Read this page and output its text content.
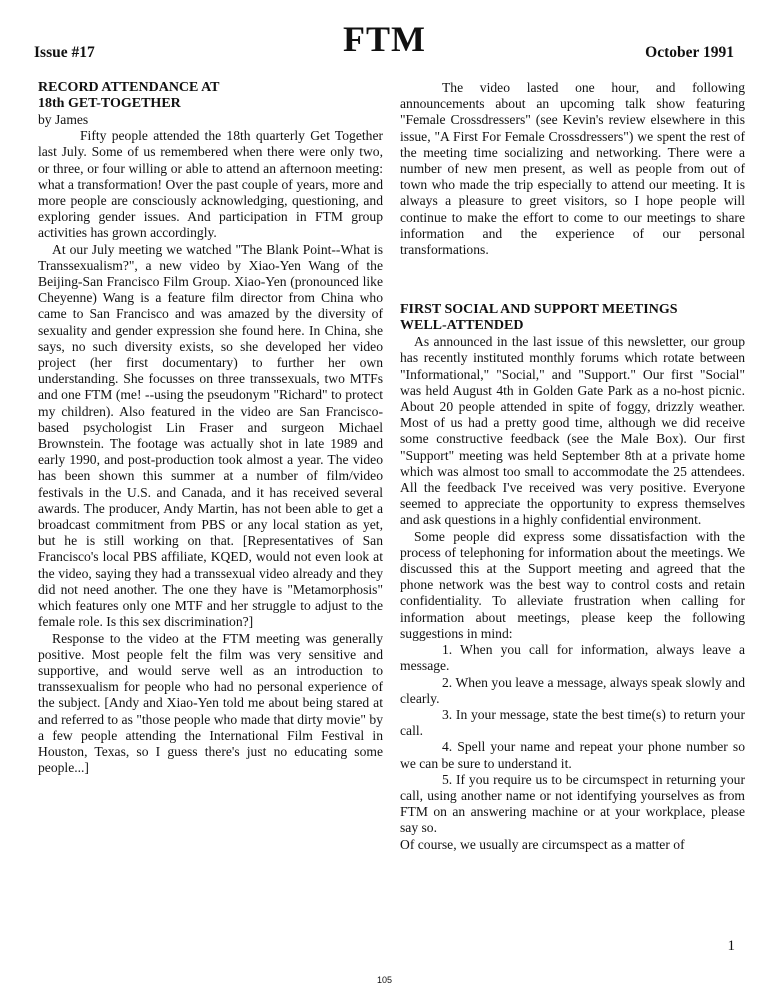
Issue #17	FTM	October 1991

RECORD ATTENDANCE AT

18th GET-TOGETHER

by James

Fifty people attended the 18th quarterly Get Together last July. Some of us remembered when there were only two, or three, or four willing or able to attend an afternoon meeting: what a transformation! Over the past couple of years, more and more people are consciously acknowledging, questioning, and exploring gender issues. And participation in FTM group activities has grown accordingly.

At our July meeting we watched "The Blank Point--What is Transsexualism?", a new video by Xiao-Yen Wang of the Beijing-San Francisco Film Group. Xiao-Yen (pronounced like Cheyenne) Wang is a feature film director from China who came to San Francisco and was amazed by the diversity of sexuality and gender expression she found here. In China, she says, no such diversity exists, so she developed her video project (her first documentary) to further her own understanding. She focusses on three transsexuals, two MTFs and one FTM (me! --using the pseudonym "Richard" to protect my children). Also featured in the video are San Francisco-based psychologist Lin Fraser and surgeon Michael Brownstein. The footage was actually shot in late 1989 and early 1990, and post-production took almost a year. The video has been shown this summer at a number of film/video festivals in the U.S. and Canada, and it has received several awards. The producer, Andy Martin, has not been able to get a broadcast commitment from PBS or any local station as yet, but he is still working on that. [Representatives of San Francisco's local PBS affiliate, KQED, would not even look at the video, saying they had a transsexual video already and they did not need another. The one they have is "Metamorphosis" which features only one MTF and her struggle to adjust to the female role. Is this sex discrimination?]

Response to the video at the FTM meeting was generally positive. Most people felt the film was very sensitive and supportive, and would serve well as an introduction to transsexualism for people who had no personal experience of the subject. [Andy and Xiao-Yen told me about being stared at and referred to as "those people who made that dirty movie" by a few people attending the International Film Festival in Houston, Texas, so I guess there's just no educating some people...]

The video lasted one hour, and following announcements about an upcoming talk show featuring "Female Crossdressers" (see Kevin's review elsewhere in this issue, "A First For Female Crossdressers") we spent the rest of the meeting time socializing and networking. There were a number of new men present, as well as people from out of town who made the trip especially to attend our meeting. It is always a pleasure to greet visitors, so I hope people will continue to make the effort to come to our meetings to share information and the experience of our personal transformations.

FIRST SOCIAL AND SUPPORT MEETINGS

WELL-ATTENDED

As announced in the last issue of this newsletter, our group has recently instituted monthly forums which rotate between "Informational," "Social," and "Support." Our first "Social" was held August 4th in Golden Gate Park as a no-host picnic. About 20 people attended in spite of foggy, drizzly weather. Most of us had a pretty good time, although we did receive some constructive feedback (see the Male Box). Our first "Support" meeting was held September 8th at a private home which was almost too small to accommodate the 25 attendees. All the feedback I've received was very positive. Everyone seemed to appreciate the opportunity to express themselves and ask questions in a highly confidential environment.

Some people did express some dissatisfaction with the process of telephoning for information about the meetings. We discussed this at the Support meeting and agreed that the phone network was the best way to control costs and retain confidentiality. To alleviate frustration when calling for information about meetings, please keep the following suggestions in mind:

1. When you call for information, always leave a message.

2. When you leave a message, always speak slowly and clearly.

3. In your message, state the best time(s) to return your call.

4. Spell your name and repeat your phone number so we can be sure to understand it.

5. If you require us to be circumspect in returning your call, using another name or not identifying yourselves as from FTM on an answering machine or at your workplace, please say so.

Of course, we usually are circumspect as a matter of

1
105
